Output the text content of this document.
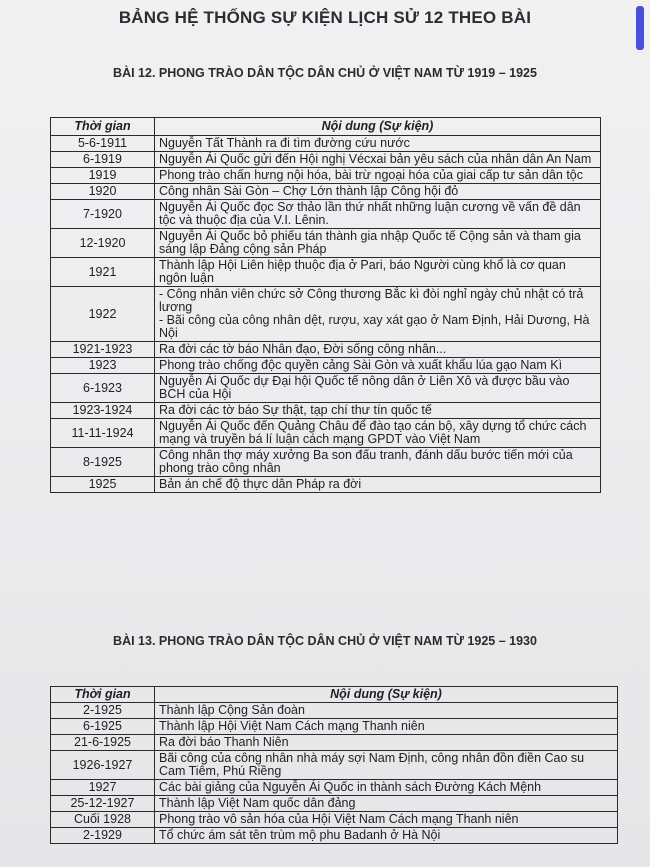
BẢNG HỆ THỐNG SỰ KIỆN LỊCH SỬ 12 THEO BÀI
BÀI 12. PHONG TRÀO DÂN TỘC DÂN CHỦ Ở VIỆT NAM TỪ 1919 – 1925
Thời gian	Nội dung (Sự kiện)
5-6-1911	Nguyễn Tất Thành ra đi tìm đường cứu nước
6-1919	Nguyễn Ái Quốc gửi đến Hội nghị Vécxai bản yêu sách của nhân dân An Nam
1919	Phong trào chấn hưng nội hóa, bài trừ ngoại hóa của giai cấp tư sản dân tộc
1920	Công nhân Sài Gòn – Chợ Lớn thành lập Công hội đỏ
7-1920	Nguyễn Ái Quốc đọc Sơ thảo lần thứ nhất những luận cương về vấn đề dân tộc và thuộc địa của V.I. Lênin.
12-1920	Nguyễn Ái Quốc bỏ phiếu tán thành gia nhập Quốc tế Cộng sản và tham gia sáng lập Đảng cộng sản Pháp
1921	Thành lập Hội Liên hiệp thuộc địa ở Pari, báo Người cùng khổ là cơ quan ngôn luận
1922	- Công nhân viên chức sở Công thương Bắc kì đòi nghỉ ngày chủ nhật có trả lương
- Bãi công của công nhân dệt, rượu, xay xát gạo ở Nam Định, Hải Dương, Hà Nội
1921-1923	Ra đời các tờ báo Nhân đạo, Đời sống công nhân...
1923	Phong trào chống độc quyền cảng Sài Gòn và xuất khẩu lúa gạo Nam Kì
6-1923	Nguyễn Ái Quốc dự Đại hội Quốc tế nông dân ở Liên Xô và được bầu vào BCH của Hội
1923-1924	Ra đời các tờ báo Sự thật, tạp chí thư tín quốc tế
11-11-1924	Nguyễn Ái Quốc đến Quảng Châu để đào tạo cán bộ, xây dựng tổ chức cách mạng và truyền bá lí luận cách mạng GPDT vào Việt Nam
8-1925	Công nhân thợ máy xưởng Ba son đấu tranh, đánh dấu bước tiến mới của phong trào công nhân
1925	Bản án chế độ thực dân Pháp ra đời
BÀI 13. PHONG TRÀO DÂN TỘC DÂN CHỦ Ở VIỆT NAM TỪ 1925 – 1930
Thời gian	Nội dung (Sự kiện)
2-1925	Thành lập Cộng Sản đoàn
6-1925	Thành lập Hội Việt Nam Cách mạng Thanh niên
21-6-1925	Ra đời báo Thanh Niên
1926-1927	Bãi công của công nhân nhà máy sợi Nam Định, công nhân đồn điền Cao su Cam Tiêm, Phú Riềng
1927	Các bài giảng của Nguyễn Ái Quốc in thành sách Đường Kách Mệnh
25-12-1927	Thành lập Việt Nam quốc dân đảng
Cuối 1928	Phong trào vô sản hóa của Hội Việt Nam Cách mạng Thanh niên
2-1929	Tổ chức ám sát tên trùm mộ phu Badanh ở Hà Nội
